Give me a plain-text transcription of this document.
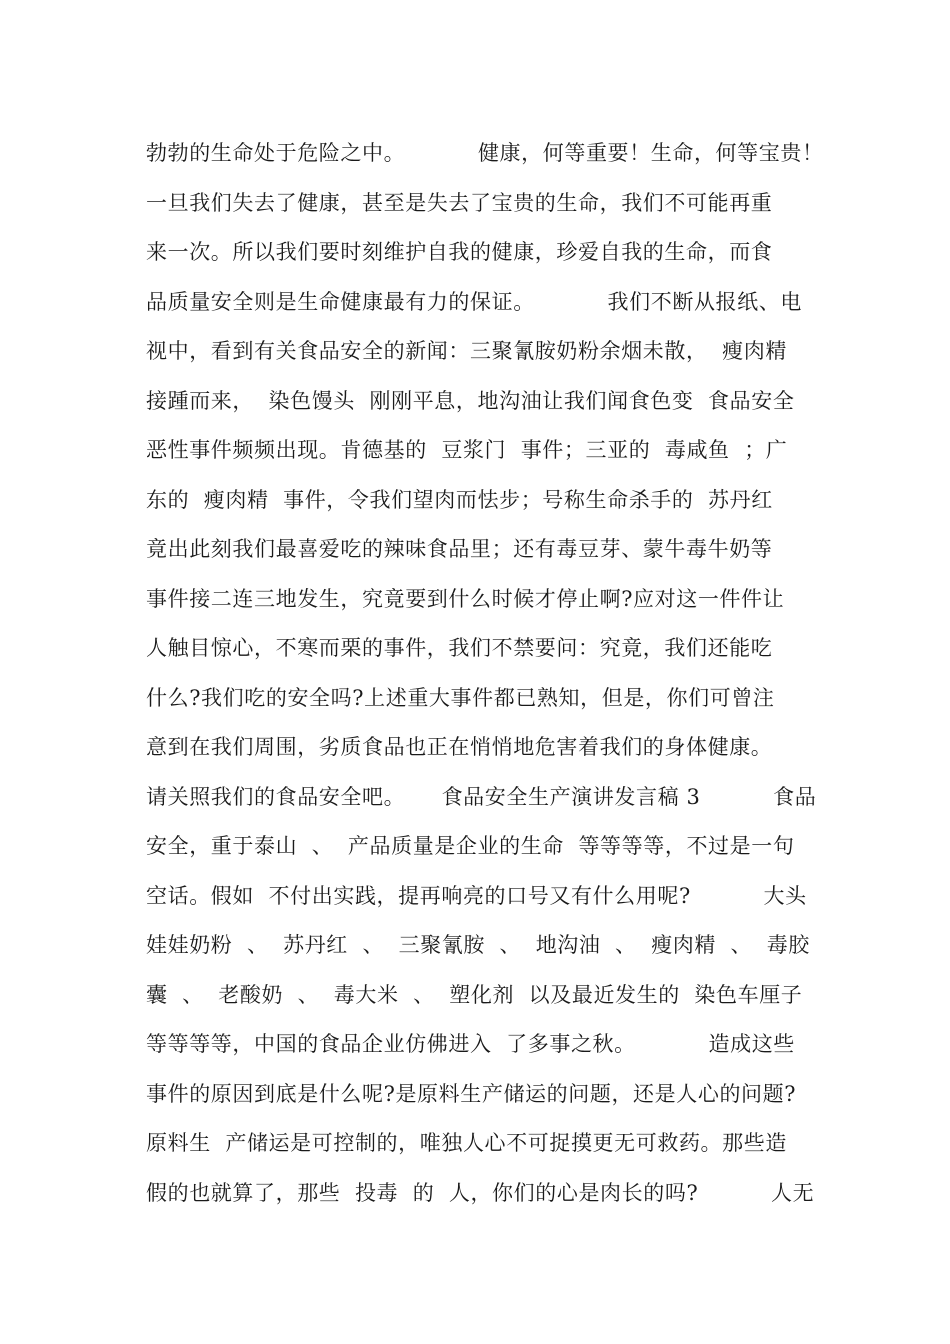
勃勃的生命处于危险之中。          健康，何等重要！生命，何等宝贵！
一旦我们失去了健康，甚至是失去了宝贵的生命，我们不可能再重
来一次。所以我们要时刻维护自我的健康，珍爱自我的生命，而食
品质量安全则是生命健康最有力的保证。          我们不断从报纸、电
视中，看到有关食品安全的新闻：三聚氰胺奶粉余烟未散，  瘦肉精
接踵而来，  染色馒头  刚刚平息，地沟油让我们闻食色变  食品安全
恶性事件频频出现。肯德基的  豆浆门  事件；三亚的  毒咸鱼  ；广
东的  瘦肉精  事件，令我们望肉而怯步；号称生命杀手的  苏丹红
竟出此刻我们最喜爱吃的辣味食品里；还有毒豆芽、蒙牛毒牛奶等
事件接二连三地发生，究竟要到什么时候才停止啊?应对这一件件让
人触目惊心，不寒而栗的事件，我们不禁要问：究竟，我们还能吃
什么?我们吃的安全吗?上述重大事件都已熟知，但是，你们可曾注
意到在我们周围，劣质食品也正在悄悄地危害着我们的身体健康。
请关照我们的食品安全吧。     食品安全生产演讲发言稿 3          食品
安全，重于泰山  、  产品质量是企业的生命  等等等等，不过是一句
空话。假如  不付出实践，提再响亮的口号又有什么用呢?          大头
娃娃奶粉  、  苏丹红  、  三聚氰胺  、  地沟油  、  瘦肉精  、  毒胶
囊  、  老酸奶  、  毒大米  、  塑化剂  以及最近发生的  染色车厘子
等等等等，中国的食品企业仿佛进入  了多事之秋。          造成这些
事件的原因到底是什么呢?是原料生产储运的问题，还是人心的问题?
原料生  产储运是可控制的，唯独人心不可捉摸更无可救药。那些造
假的也就算了，那些  投毒  的  人，你们的心是肉长的吗?          人无
